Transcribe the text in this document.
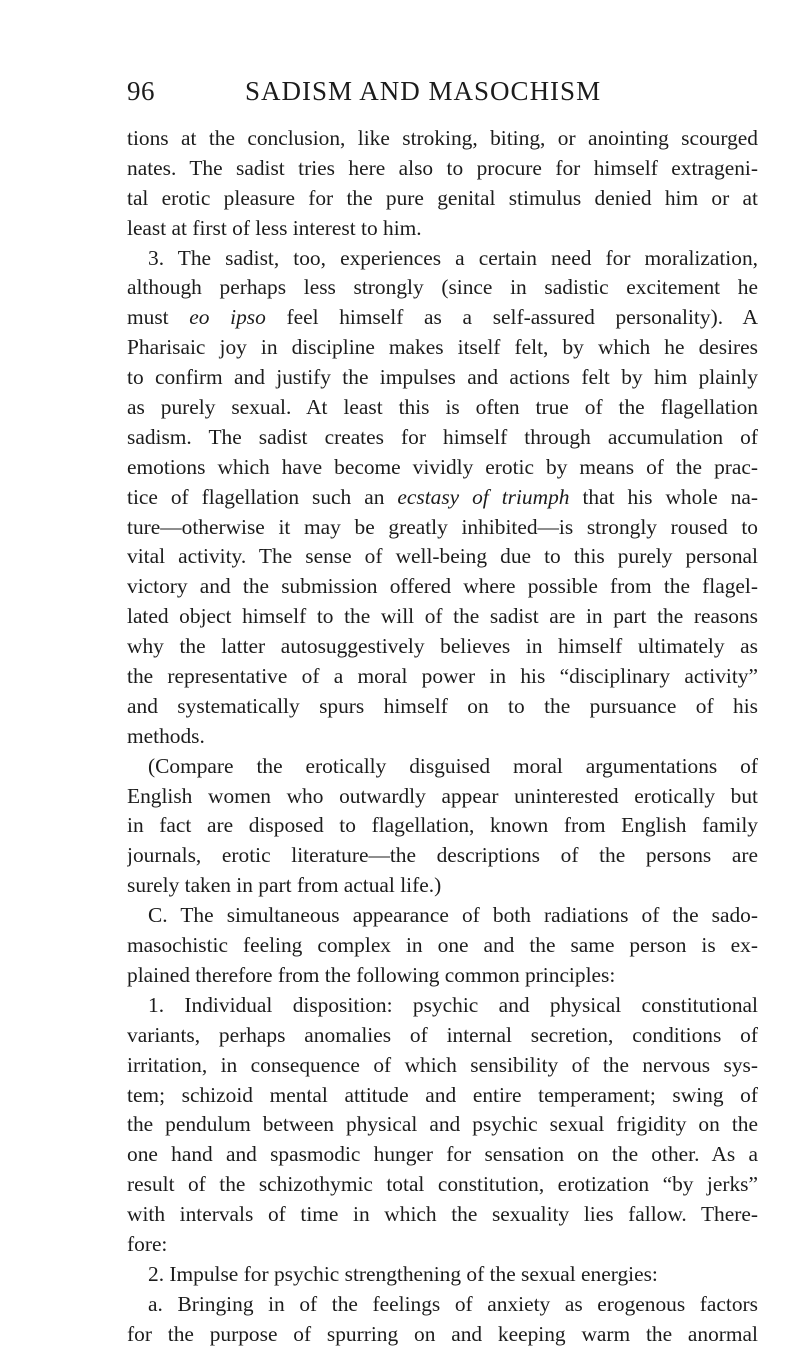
96	SADISM AND MASOCHISM
tions at the conclusion, like stroking, biting, or anointing scourged
nates. The sadist tries here also to procure for himself extrageni-
tal erotic pleasure for the pure genital stimulus denied him or at
least at first of less interest to him.
3. The sadist, too, experiences a certain need for moralization,
although perhaps less strongly (since in sadistic excitement he
must eo ipso feel himself as a self-assured personality). A
Pharisaic joy in discipline makes itself felt, by which he desires
to confirm and justify the impulses and actions felt by him plainly
as purely sexual. At least this is often true of the flagellation
sadism. The sadist creates for himself through accumulation of
emotions which have become vividly erotic by means of the prac-
tice of flagellation such an ecstasy of triumph that his whole na-
ture—otherwise it may be greatly inhibited—is strongly roused to
vital activity. The sense of well-being due to this purely personal
victory and the submission offered where possible from the flagel-
lated object himself to the will of the sadist are in part the reasons
why the latter autosuggestively believes in himself ultimately as
the representative of a moral power in his “disciplinary activity”
and systematically spurs himself on to the pursuance of his
methods.
(Compare the erotically disguised moral argumentations of
English women who outwardly appear uninterested erotically but
in fact are disposed to flagellation, known from English family
journals, erotic literature—the descriptions of the persons are
surely taken in part from actual life.)
C. The simultaneous appearance of both radiations of the sado-
masochistic feeling complex in one and the same person is ex-
plained therefore from the following common principles:
1. Individual disposition: psychic and physical constitutional
variants, perhaps anomalies of internal secretion, conditions of
irritation, in consequence of which sensibility of the nervous sys-
tem; schizoid mental attitude and entire temperament; swing of
the pendulum between physical and psychic sexual frigidity on the
one hand and spasmodic hunger for sensation on the other. As a
result of the schizothymic total constitution, erotization “by jerks”
with intervals of time in which the sexuality lies fallow. There-
fore:
2. Impulse for psychic strengthening of the sexual energies:
a. Bringing in of the feelings of anxiety as erogenous factors
for the purpose of spurring on and keeping warm the anormal
